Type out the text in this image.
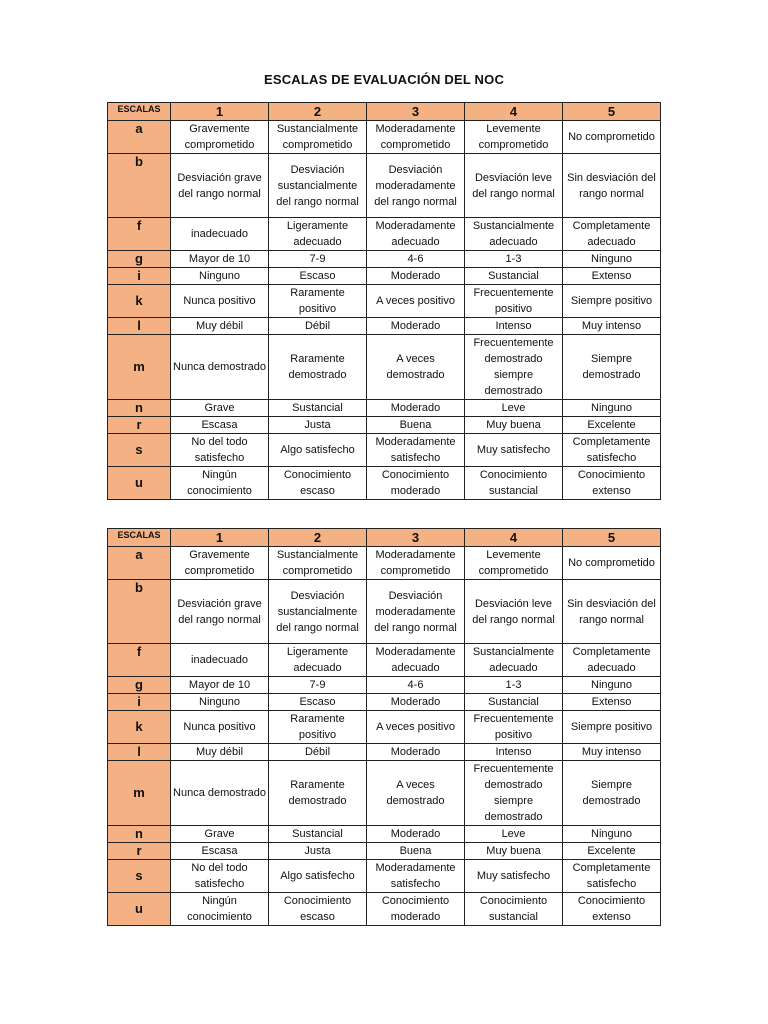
ESCALAS DE EVALUACIÓN DEL NOC
ESCALAS	1	2	3	4	5
a	Gravemente comprometido	Sustancialmente comprometido	Moderadamente comprometido	Levemente comprometido	No comprometido
b	Desviación grave del rango normal	Desviación sustancialmente del rango normal	Desviación moderadamente del rango normal	Desviación leve del rango normal	Sin desviación del rango normal
f	inadecuado	Ligeramente adecuado	Moderadamente adecuado	Sustancialmente adecuado	Completamente adecuado
g	Mayor de 10	7-9	4-6	1-3	Ninguno
i	Ninguno	Escaso	Moderado	Sustancial	Extenso
k	Nunca positivo	Raramente positivo	A veces positivo	Frecuentemente positivo	Siempre positivo
l	Muy débil	Débil	Moderado	Intenso	Muy intenso
m	Nunca demostrado	Raramente demostrado	A veces demostrado	Frecuentemente demostrado siempre demostrado	Siempre demostrado
n	Grave	Sustancial	Moderado	Leve	Ninguno
r	Escasa	Justa	Buena	Muy buena	Excelente
s	No del todo satisfecho	Algo satisfecho	Moderadamente satisfecho	Muy satisfecho	Completamente satisfecho
u	Ningún conocimiento	Conocimiento escaso	Conocimiento moderado	Conocimiento sustancial	Conocimiento extenso
ESCALAS	1	2	3	4	5
a	Gravemente comprometido	Sustancialmente comprometido	Moderadamente comprometido	Levemente comprometido	No comprometido
b	Desviación grave del rango normal	Desviación sustancialmente del rango normal	Desviación moderadamente del rango normal	Desviación leve del rango normal	Sin desviación del rango normal
f	inadecuado	Ligeramente adecuado	Moderadamente adecuado	Sustancialmente adecuado	Completamente adecuado
g	Mayor de 10	7-9	4-6	1-3	Ninguno
i	Ninguno	Escaso	Moderado	Sustancial	Extenso
k	Nunca positivo	Raramente positivo	A veces positivo	Frecuentemente positivo	Siempre positivo
l	Muy débil	Débil	Moderado	Intenso	Muy intenso
m	Nunca demostrado	Raramente demostrado	A veces demostrado	Frecuentemente demostrado siempre demostrado	Siempre demostrado
n	Grave	Sustancial	Moderado	Leve	Ninguno
r	Escasa	Justa	Buena	Muy buena	Excelente
s	No del todo satisfecho	Algo satisfecho	Moderadamente satisfecho	Muy satisfecho	Completamente satisfecho
u	Ningún conocimiento	Conocimiento escaso	Conocimiento moderado	Conocimiento sustancial	Conocimiento extenso
